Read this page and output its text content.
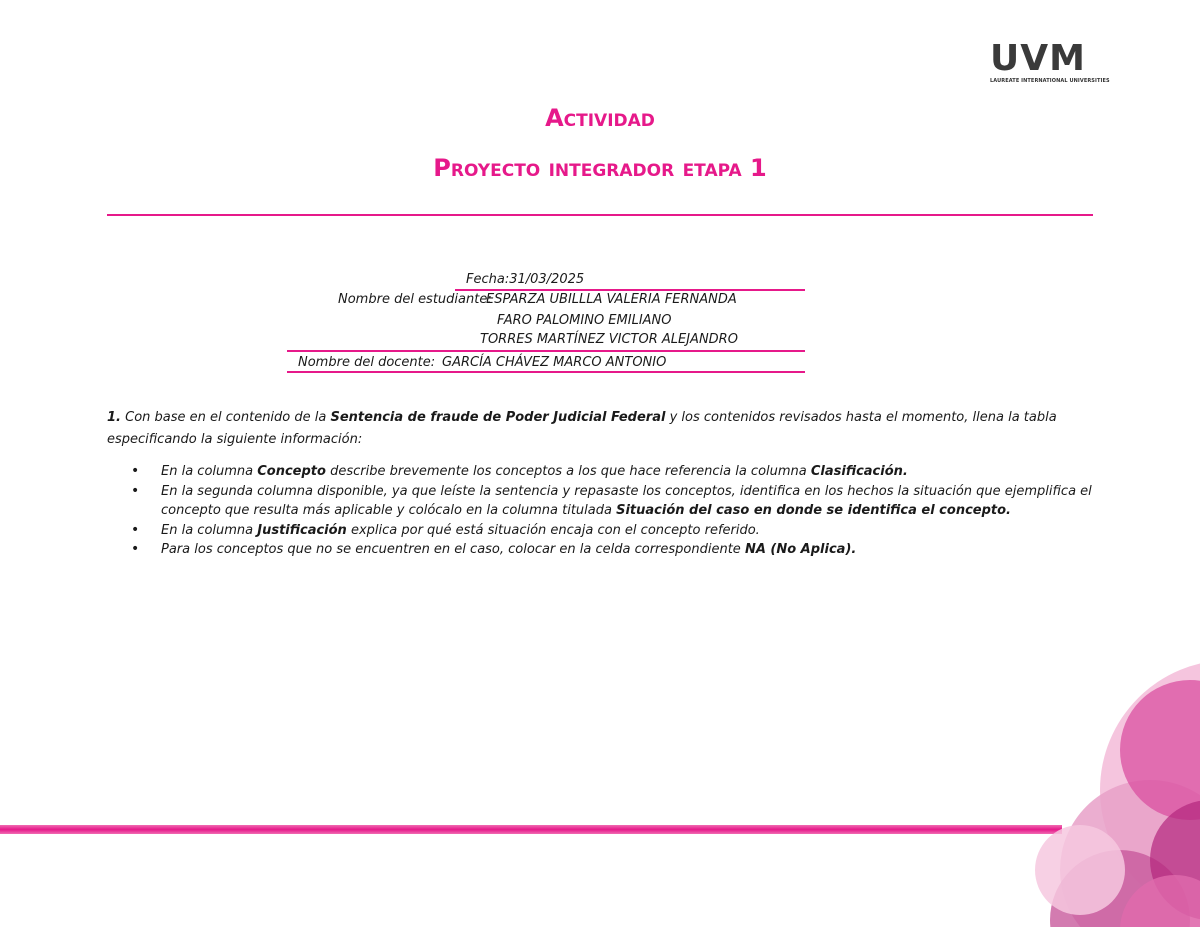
UVM
LAUREATE INTERNATIONAL UNIVERSITIES
Actividad
Proyecto integrador etapa 1
Fecha:31/03/2025
Nombre del estudiante:
ESPARZA UBILLLA VALERIA FERNANDA
FARO PALOMINO EMILIANO
TORRES MARTÍNEZ VICTOR ALEJANDRO
Nombre del docente: GARCÍA CHÁVEZ MARCO ANTONIO

1. Con base en el contenido de la Sentencia de fraude de Poder Judicial Federal y los contenidos revisados hasta el momento, llena la tabla especificando la siguiente información:

• En la columna Concepto describe brevemente los conceptos a los que hace referencia la columna Clasificación.
• En la segunda columna disponible, ya que leíste la sentencia y repasaste los conceptos, identifica en los hechos la situación que ejemplifica el concepto que resulta más aplicable y colócalo en la columna titulada Situación del caso en donde se identifica el concepto.
• En la columna Justificación explica por qué está situación encaja con el concepto referido.
• Para los conceptos que no se encuentren en el caso, colocar en la celda correspondiente NA (No Aplica).
